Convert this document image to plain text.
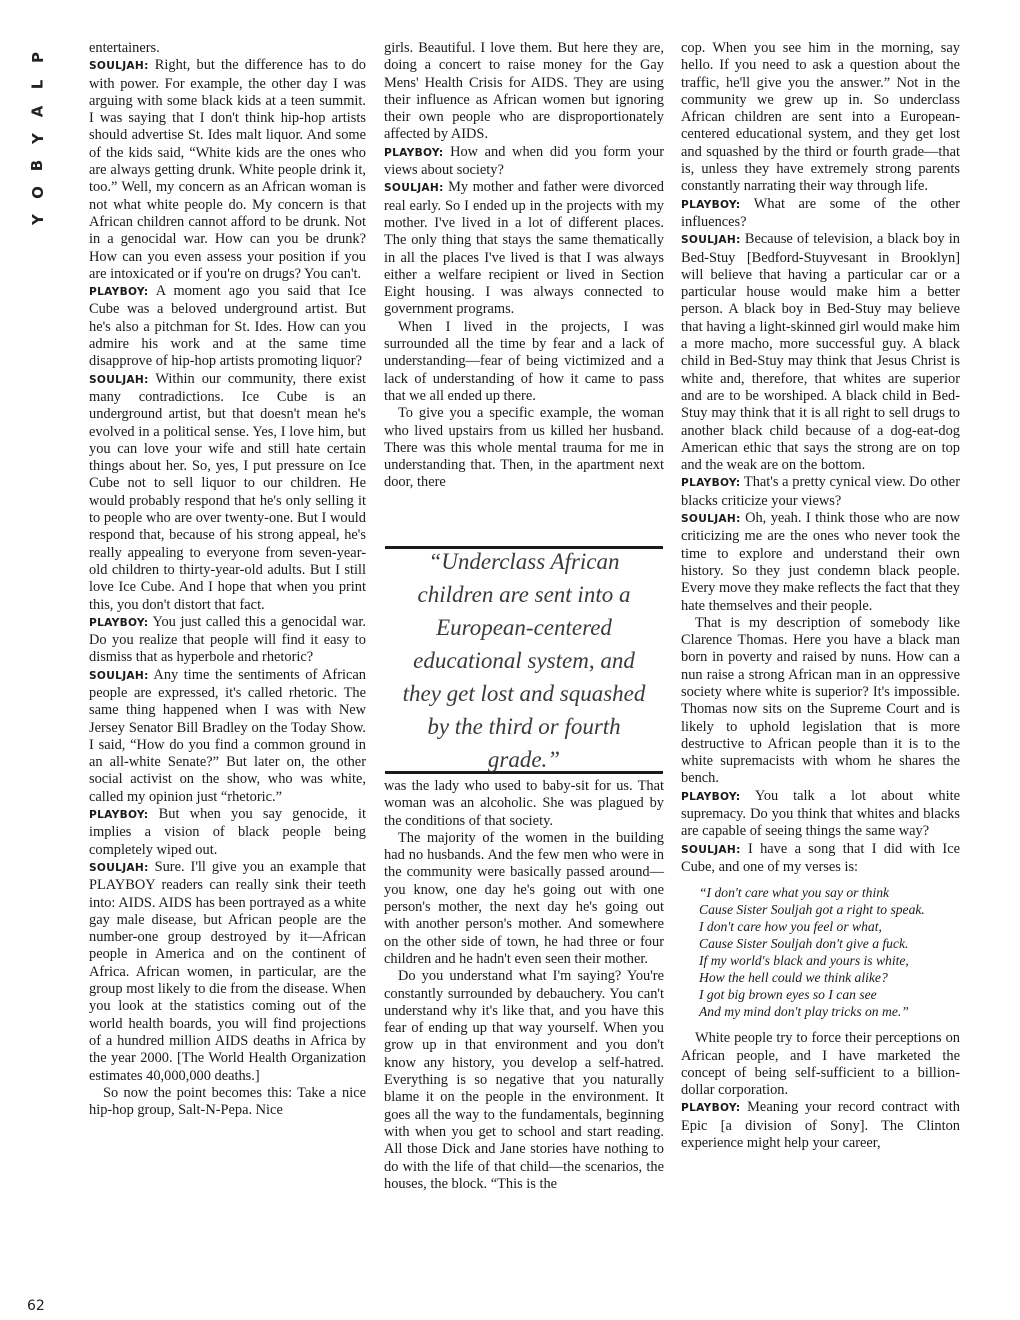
P
L
A
Y
B
O
Y
62

entertainers.

SOULJAH: Right, but the difference has to do with power. For example, the other day I was arguing with some black kids at a teen summit. I was saying that I don't think hip-hop artists should advertise St. Ides malt liquor. And some of the kids said, “White kids are the ones who are always getting drunk. White people drink it, too.” Well, my concern as an African woman is not what white people do. My concern is that African children cannot afford to be drunk. Not in a genocidal war. How can you be drunk? How can you even assess your position if you are intoxicated or if you're on drugs? You can't.

PLAYBOY: A moment ago you said that Ice Cube was a beloved underground artist. But he's also a pitchman for St. Ides. How can you admire his work and at the same time disapprove of hip-hop artists promoting liquor?

SOULJAH: Within our community, there exist many contradictions. Ice Cube is an underground artist, but that doesn't mean he's evolved in a political sense. Yes, I love him, but you can love your wife and still hate certain things about her. So, yes, I put pressure on Ice Cube not to sell liquor to our children. He would probably respond that he's only selling it to people who are over twenty-one. But I would respond that, because of his strong appeal, he's really appealing to everyone from seven-year-old children to thirty-year-old adults. But I still love Ice Cube. And I hope that when you print this, you don't distort that fact.

PLAYBOY: You just called this a genocidal war. Do you realize that people will find it easy to dismiss that as hyperbole and rhetoric?

SOULJAH: Any time the sentiments of African people are expressed, it's called rhetoric. The same thing happened when I was with New Jersey Senator Bill Bradley on the Today Show. I said, “How do you find a common ground in an all-white Senate?” But later on, the other social activist on the show, who was white, called my opinion just “rhetoric.”

PLAYBOY: But when you say genocide, it implies a vision of black people being completely wiped out.

SOULJAH: Sure. I'll give you an example that PLAYBOY readers can really sink their teeth into: AIDS. AIDS has been portrayed as a white gay male disease, but African people are the number-one group destroyed by it—African people in America and on the continent of Africa. African women, in particular, are the group most likely to die from the disease. When you look at the statistics coming out of the world health boards, you will find projections of a hundred million AIDS deaths in Africa by the year 2000. [The World Health Organization estimates 40,000,000 deaths.]

So now the point becomes this: Take a nice hip-hop group, Salt-N-Pepa. Nice

girls. Beautiful. I love them. But here they are, doing a concert to raise money for the Gay Mens' Health Crisis for AIDS. They are using their influence as African women but ignoring their own people who are disproportionately affected by AIDS.

PLAYBOY: How and when did you form your views about society?

SOULJAH: My mother and father were divorced real early. So I ended up in the projects with my mother. I've lived in a lot of different places. The only thing that stays the same thematically in all the places I've lived is that I was always either a welfare recipient or lived in Section Eight housing. I was always connected to government programs.

When I lived in the projects, I was surrounded all the time by fear and a lack of understanding—fear of being victimized and a lack of understanding of how it came to pass that we all ended up there.

To give you a specific example, the woman who lived upstairs from us killed her husband. There was this whole mental trauma for me in understanding that. Then, in the apartment next door, there

“Underclass African children are sent into a European-centered educational system, and they get lost and squashed by the third or fourth grade.”

was the lady who used to baby-sit for us. That woman was an alcoholic. She was plagued by the conditions of that society.

The majority of the women in the building had no husbands. And the few men who were in the community were basically passed around—you know, one day he's going out with one person's mother, the next day he's going out with another person's mother. And somewhere on the other side of town, he had three or four children and he hadn't even seen their mother.

Do you understand what I'm saying? You're constantly surrounded by debauchery. You can't understand why it's like that, and you have this fear of ending up that way yourself. When you grow up in that environment and you don't know any history, you develop a self-hatred. Everything is so negative that you naturally blame it on the people in the environment. It goes all the way to the fundamentals, beginning with when you get to school and start reading. All those Dick and Jane stories have nothing to do with the life of that child—the scenarios, the houses, the block. “This is the

cop. When you see him in the morning, say hello. If you need to ask a question about the traffic, he'll give you the answer.” Not in the community we grew up in. So underclass African children are sent into a European-centered educational system, and they get lost and squashed by the third or fourth grade—that is, unless they have extremely strong parents constantly narrating their way through life.

PLAYBOY: What are some of the other influences?

SOULJAH: Because of television, a black boy in Bed-Stuy [Bedford-Stuyvesant in Brooklyn] will believe that having a particular car or a particular house would make him a better person. A black boy in Bed-Stuy may believe that having a light-skinned girl would make him a more macho, more successful guy. A black child in Bed-Stuy may think that Jesus Christ is white and, therefore, that whites are superior and are to be worshiped. A black child in Bed-Stuy may think that it is all right to sell drugs to another black child because of a dog-eat-dog American ethic that says the strong are on top and the weak are on the bottom.

PLAYBOY: That's a pretty cynical view. Do other blacks criticize your views?

SOULJAH: Oh, yeah. I think those who are now criticizing me are the ones who never took the time to explore and understand their own history. So they just condemn black people. Every move they make reflects the fact that they hate themselves and their people.

That is my description of somebody like Clarence Thomas. Here you have a black man born in poverty and raised by nuns. How can a nun raise a strong African man in an oppressive society where white is superior? It's impossible. Thomas now sits on the Supreme Court and is likely to uphold legislation that is more destructive to African people than it is to the white supremacists with whom he shares the bench.

PLAYBOY: You talk a lot about white supremacy. Do you think that whites and blacks are capable of seeing things the same way?

SOULJAH: I have a song that I did with Ice Cube, and one of my verses is:

“I don't care what you say or think
Cause Sister Souljah got a right to speak.
I don't care how you feel or what,
Cause Sister Souljah don't give a fuck.
If my world's black and yours is white,
How the hell could we think alike?
I got big brown eyes so I can see
And my mind don't play tricks on me.”

White people try to force their perceptions on African people, and I have marketed the concept of being self-sufficient to a billion-dollar corporation.

PLAYBOY: Meaning your record contract with Epic [a division of Sony]. The Clinton experience might help your career,
